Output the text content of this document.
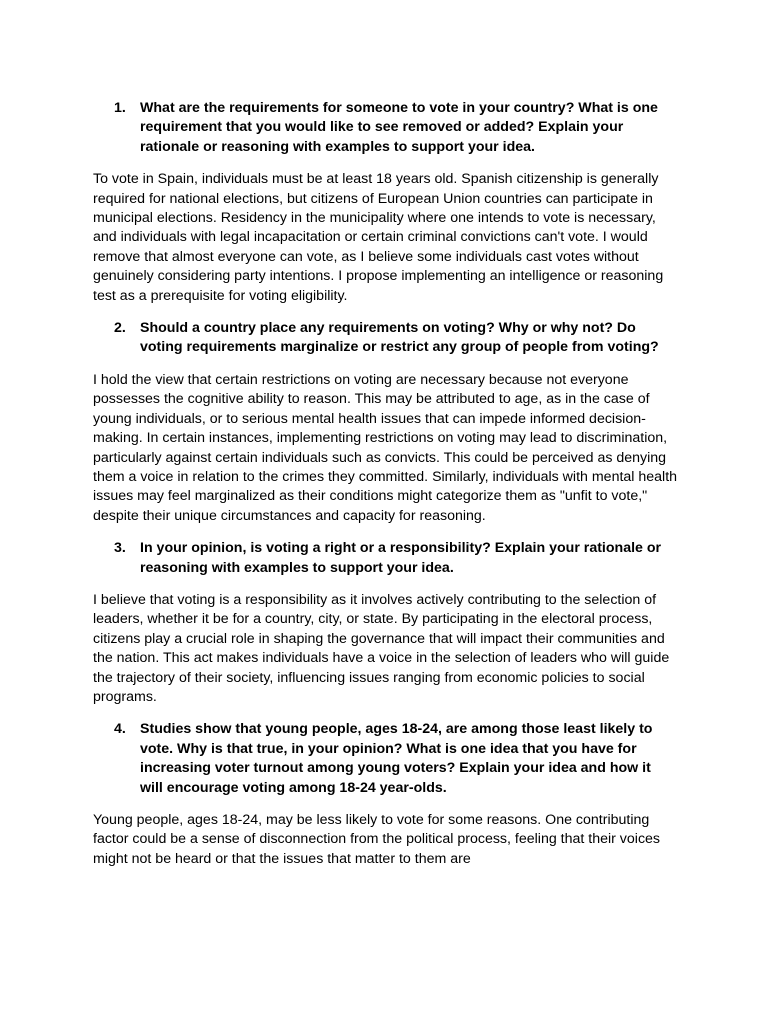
1. What are the requirements for someone to vote in your country? What is one requirement that you would like to see removed or added? Explain your rationale or reasoning with examples to support your idea.

To vote in Spain, individuals must be at least 18 years old. Spanish citizenship is generally required for national elections, but citizens of European Union countries can participate in municipal elections. Residency in the municipality where one intends to vote is necessary, and individuals with legal incapacitation or certain criminal convictions can't vote. I would remove that almost everyone can vote, as I believe some individuals cast votes without genuinely considering party intentions. I propose implementing an intelligence or reasoning test as a prerequisite for voting eligibility.

2. Should a country place any requirements on voting? Why or why not? Do voting requirements marginalize or restrict any group of people from voting?

I hold the view that certain restrictions on voting are necessary because not everyone possesses the cognitive ability to reason. This may be attributed to age, as in the case of young individuals, or to serious mental health issues that can impede informed decision-making. In certain instances, implementing restrictions on voting may lead to discrimination, particularly against certain individuals such as convicts. This could be perceived as denying them a voice in relation to the crimes they committed. Similarly, individuals with mental health issues may feel marginalized as their conditions might categorize them as "unfit to vote," despite their unique circumstances and capacity for reasoning.

3. In your opinion, is voting a right or a responsibility? Explain your rationale or reasoning with examples to support your idea.

I believe that voting is a responsibility as it involves actively contributing to the selection of leaders, whether it be for a country, city, or state. By participating in the electoral process, citizens play a crucial role in shaping the governance that will impact their communities and the nation. This act makes individuals have a voice in the selection of leaders who will guide the trajectory of their society, influencing issues ranging from economic policies to social programs.

4. Studies show that young people, ages 18-24, are among those least likely to vote. Why is that true, in your opinion? What is one idea that you have for increasing voter turnout among young voters? Explain your idea and how it will encourage voting among 18-24 year-olds.

Young people, ages 18-24, may be less likely to vote for some reasons. One contributing factor could be a sense of disconnection from the political process, feeling that their voices might not be heard or that the issues that matter to them are
